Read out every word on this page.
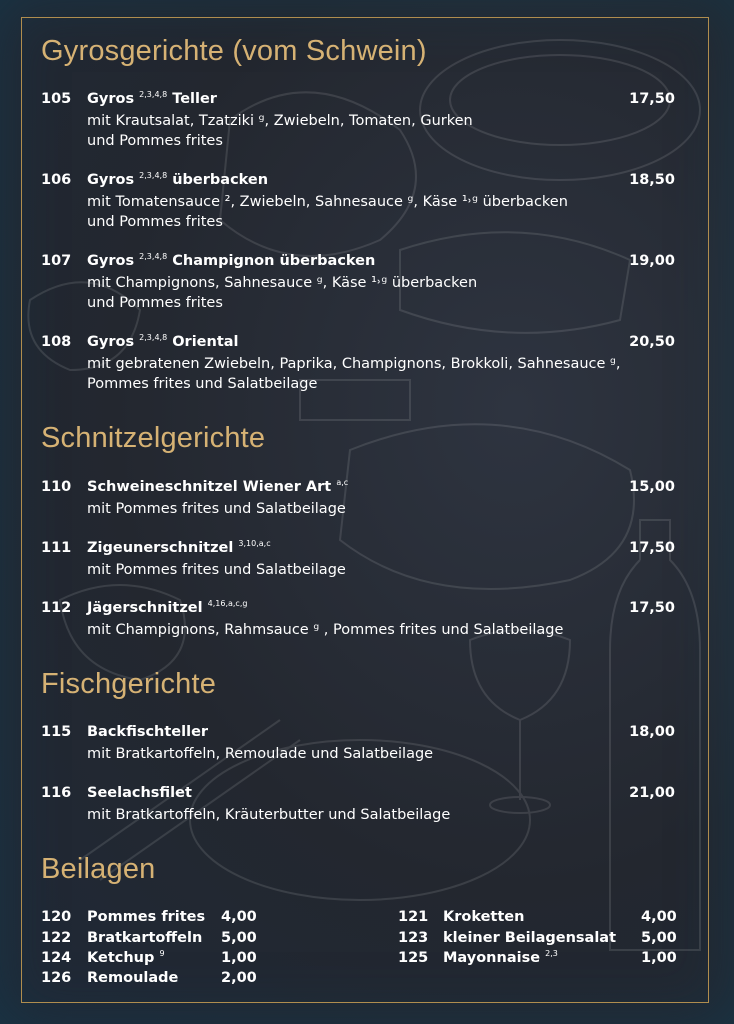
Gyrosgerichte (vom Schwein)
105 Gyros $^{2,3,4,8}$ Teller	17,50
mit Krautsalat, Tzatziki ᵍ, Zwiebeln, Tomaten, Gurken
und Pommes frites
106 Gyros $^{2,3,4,8}$ überbacken	18,50
mit Tomatensauce ², Zwiebeln, Sahnesauce ᵍ, Käse ¹˒ᵍ überbacken
und Pommes frites
107 Gyros $^{2,3,4,8}$ Champignon überbacken	19,00
mit Champignons, Sahnesauce ᵍ, Käse ¹˒ᵍ überbacken
und Pommes frites
108 Gyros $^{2,3,4,8}$ Oriental	20,50
mit gebratenen Zwiebeln, Paprika, Champignons, Brokkoli, Sahnesauce ᵍ,
Pommes frites und Salatbeilage
Schnitzelgerichte
110 Schweineschnitzel Wiener Art $^{a,c}$	15,00
mit Pommes frites und Salatbeilage
111 Zigeunerschnitzel $^{3,10,a,c}$	17,50
mit Pommes frites und Salatbeilage
112 Jägerschnitzel $^{4,16,a,c,g}$	17,50
mit Champignons, Rahmsauce ᵍ , Pommes frites und Salatbeilage
Fischgerichte
115 Backfischteller	18,00
mit Bratkartoffeln, Remoulade und Salatbeilage
116 Seelachsfilet	21,00
mit Bratkartoffeln, Kräuterbutter und Salatbeilage
Beilagen
120 Pommes frites 4,00
122 Bratkartoffeln 5,00
124 Ketchup $^9$	1,00
126 Remoulade	2,00
121 Kroketten	4,00
123 kleiner Beilagensalat 5,00
125 Mayonnaise $^{2,3}$	1,00
